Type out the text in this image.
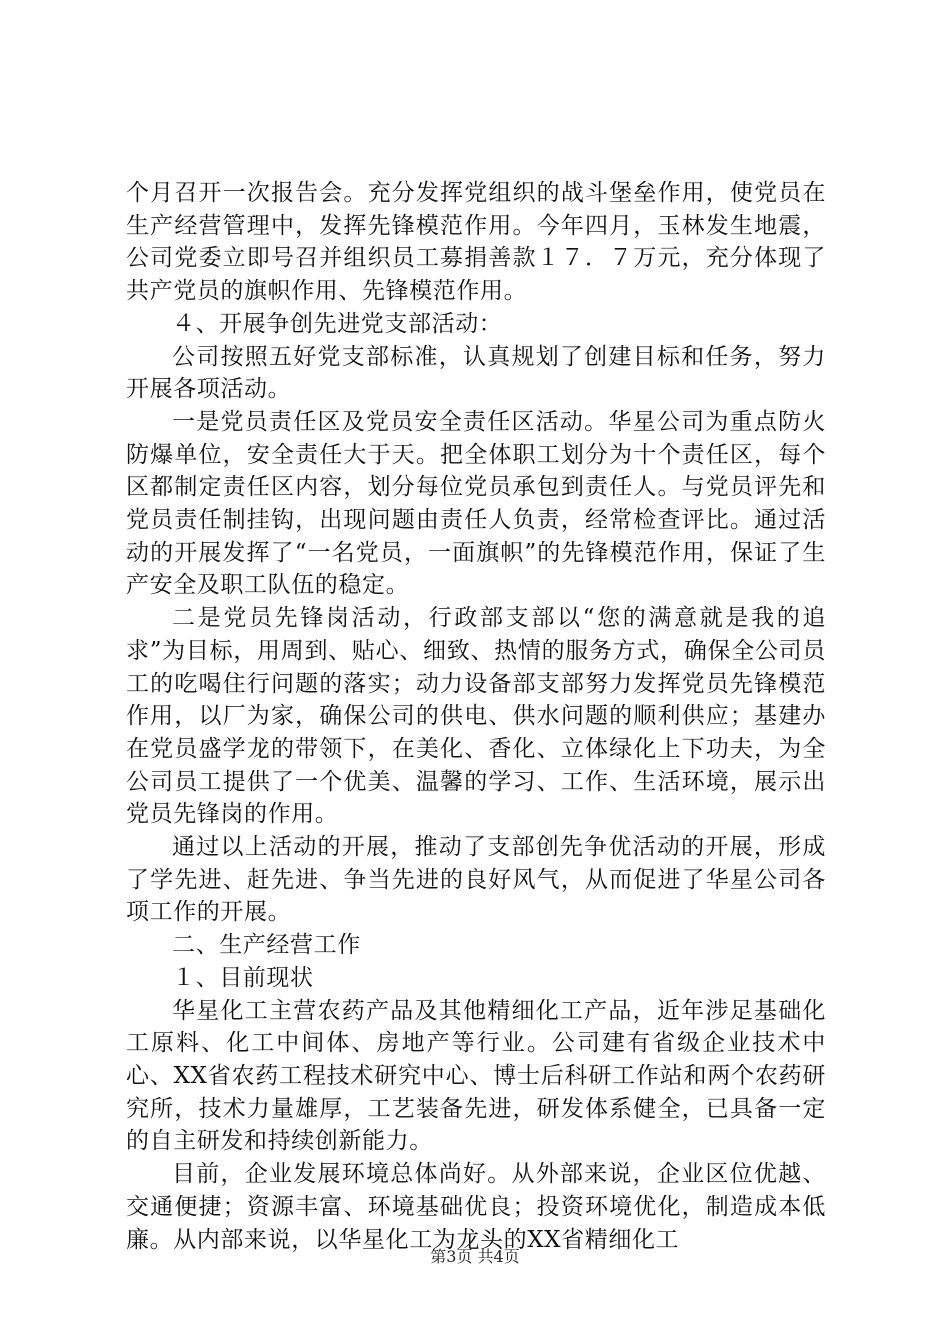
个月召开一次报告会。充分发挥党组织的战斗堡垒作用，使党员在生产经营管理中，发挥先锋模范作用。今年四月，玉林发生地震，公司党委立即号召并组织员工募捐善款１７．７万元，充分体现了共产党员的旗帜作用、先锋模范作用。

４、开展争创先进党支部活动：

公司按照五好党支部标准，认真规划了创建目标和任务，努力开展各项活动。

一是党员责任区及党员安全责任区活动。华星公司为重点防火防爆单位，安全责任大于天。把全体职工划分为十个责任区，每个区都制定责任区内容，划分每位党员承包到责任人。与党员评先和党员责任制挂钩，出现问题由责任人负责，经常检查评比。通过活动的开展发挥了“一名党员，一面旗帜”的先锋模范作用，保证了生产安全及职工队伍的稳定。

二是党员先锋岗活动，行政部支部以“您的满意就是我的追求”为目标，用周到、贴心、细致、热情的服务方式，确保全公司员工的吃喝住行问题的落实；动力设备部支部努力发挥党员先锋模范作用，以厂为家，确保公司的供电、供水问题的顺利供应；基建办在党员盛学龙的带领下，在美化、香化、立体绿化上下功夫，为全公司员工提供了一个优美、温馨的学习、工作、生活环境，展示出党员先锋岗的作用。

通过以上活动的开展，推动了支部创先争优活动的开展，形成了学先进、赶先进、争当先进的良好风气，从而促进了华星公司各项工作的开展。

二、生产经营工作

１、目前现状

华星化工主营农药产品及其他精细化工产品，近年涉足基础化工原料、化工中间体、房地产等行业。公司建有省级企业技术中心、XX省农药工程技术研究中心、博士后科研工作站和两个农药研究所，技术力量雄厚，工艺装备先进，研发体系健全，已具备一定的自主研发和持续创新能力。

目前，企业发展环境总体尚好。从外部来说，企业区位优越、交通便捷；资源丰富、环境基础优良；投资环境优化，制造成本低廉。从内部来说，以华星化工为龙头的XX省精细化工

第3页 共4页
